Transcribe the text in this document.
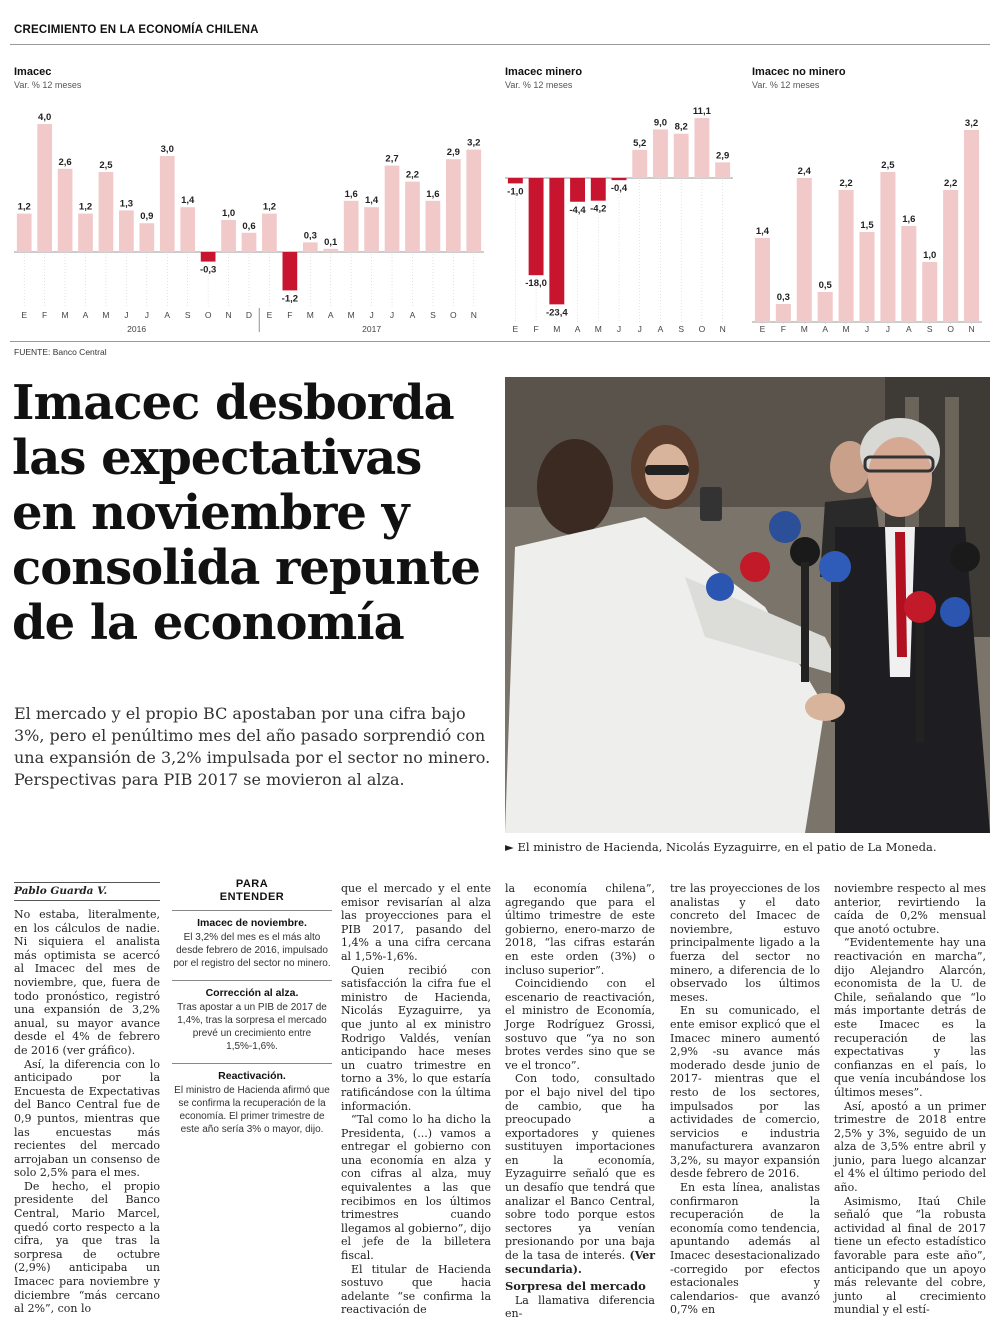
CRECIMIENTO EN LA ECONOMÍA CHILENA
Imacec
Var. % 12 meses
1,2
E
4,0
F
2,6
M
1,2
A
2,5
M
1,3
J
0,9
J
3,0
A
1,4
S
-0,3
O
1,0
N
0,6
D
1,2
E
-1,2
F
0,3
M
0,1
A
1,6
M
1,4
J
2,7
J
2,2
A
1,6
S
2,9
O
3,2
N
2016	2017
Imacec minero
Var. % 12 meses
-1,0
E
-18,0
F
-23,4
M
-4,4
A
-4,2
M
-0,4
J
5,2
J
9,0
A
8,2
S
11,1
O
2,9
N
Imacec no minero
Var. % 12 meses
1,4
E
0,3
F
2,4
M
0,5
A
2,2
M
1,5
J
2,5
J
1,6
A
1,0
S
2,2
O
3,2
N
FUENTE: Banco Central
Imacec desborda las expectativas en noviembre y consolida repunte de la economía
El mercado y el propio BC apostaban por una cifra bajo 3%, pero el penúltimo mes del año pasado sorprendió con una expansión de 3,2% impulsada por el sector no minero. Perspectivas para PIB 2017 se movieron al alza.
► El ministro de Hacienda, Nicolás Eyzaguirre, en el patio de La Moneda.
Pablo Guarda V.

No estaba, literalmente, en los cálculos de nadie. Ni siquiera el analista más optimista se acercó al Imacec del mes de noviembre, que, fuera de todo pronóstico, registró una expansión de 3,2% anual, su mayor avance desde el 4% de febrero de 2016 (ver gráfico).

Así, la diferencia con lo anticipado por la Encuesta de Expectativas del Banco Central fue de 0,9 puntos, mientras que las encuestas más recientes del mercado arrojaban un consenso de solo 2,5% para el mes.

De hecho, el propio presidente del Banco Central, Mario Marcel, quedó corto respecto a la cifra, ya que tras la sorpresa de octubre (2,9%) anticipaba un Imacec para noviembre y diciembre “más cercano al 2%”, con lo

PARA
ENTENDER
Imacec de noviembre.
El 3,2% del mes es el más alto desde febrero de 2016, impulsado por el registro del sector no minero.
Corrección al alza.
Tras apostar a un PIB de 2017 de 1,4%, tras la sorpresa el mercado prevé un crecimiento entre 1,5%-1,6%.
Reactivación.
El ministro de Hacienda afirmó que se confirma la recuperación de la economía. El primer trimestre de este año sería 3% o mayor, dijo.

que el mercado y el ente emisor revisarían al alza las proyecciones para el PIB 2017, pasando del 1,4% a una cifra cercana al 1,5%-1,6%.

Quien recibió con satisfacción la cifra fue el ministro de Hacienda, Nicolás Eyzaguirre, ya que junto al ex ministro Rodrigo Valdés, venían anticipando hace meses un cuatro trimestre en torno a 3%, lo que estaría ratificándose con la última información.

“Tal como lo ha dicho la Presidenta, (...) vamos a entregar el gobierno con una economía en alza y con cifras al alza, muy equivalentes a las que recibimos en los últimos trimestres cuando llegamos al gobierno”, dijo el jefe de la billetera fiscal.

El titular de Hacienda sostuvo que hacia adelante “se confirma la reactivación de

la economía chilena”, agregando que para el último trimestre de este gobierno, enero-marzo de 2018, “las cifras estarán en este orden (3%) o incluso superior”.

Coincidiendo con el escenario de reactivación, el ministro de Economía, Jorge Rodríguez Grossi, sostuvo que “ya no son brotes verdes sino que se ve el tronco”.

Con todo, consultado por el bajo nivel del tipo de cambio, que ha preocupado a exportadores y quienes sustituyen importaciones en la economía, Eyzaguirre señaló que es un desafío que tendrá que analizar el Banco Central, sobre todo porque estos sectores ya venían presionando por una baja de la tasa de interés. (Ver secundaria).

Sorpresa del mercado

La llamativa diferencia en-

tre las proyecciones de los analistas y el dato concreto del Imacec de noviembre, estuvo principalmente ligado a la fuerza del sector no minero, a diferencia de lo observado los últimos meses.

En su comunicado, el ente emisor explicó que el Imacec minero aumentó 2,9% -su avance más moderado desde junio de 2017- mientras que el resto de los sectores, impulsados por las actividades de comercio, servicios e industria manufacturera avanzaron 3,2%, su mayor expansión desde febrero de 2016.

En esta línea, analistas confirmaron la recuperación de la economía como tendencia, apuntando además al Imacec desestacionalizado -corregido por efectos estacionales y calendarios- que avanzó 0,7% en

noviembre respecto al mes anterior, revirtiendo la caída de 0,2% mensual que anotó octubre.

“Evidentemente hay una reactivación en marcha”, dijo Alejandro Alarcón, economista de la U. de Chile, señalando que “lo más importante detrás de este Imacec es la recuperación de las expectativas y las confianzas en el país, lo que venía incubándose los últimos meses”.

Así, apostó a un primer trimestre de 2018 entre 2,5% y 3%, seguido de un alza de 3,5% entre abril y junio, para luego alcanzar el 4% el último periodo del año.

Asimismo, Itaú Chile señaló que “la robusta actividad al final de 2017 tiene un efecto estadístico favorable para este año”, anticipando que un apoyo más relevante del cobre, junto al crecimiento mundial y el estí-
